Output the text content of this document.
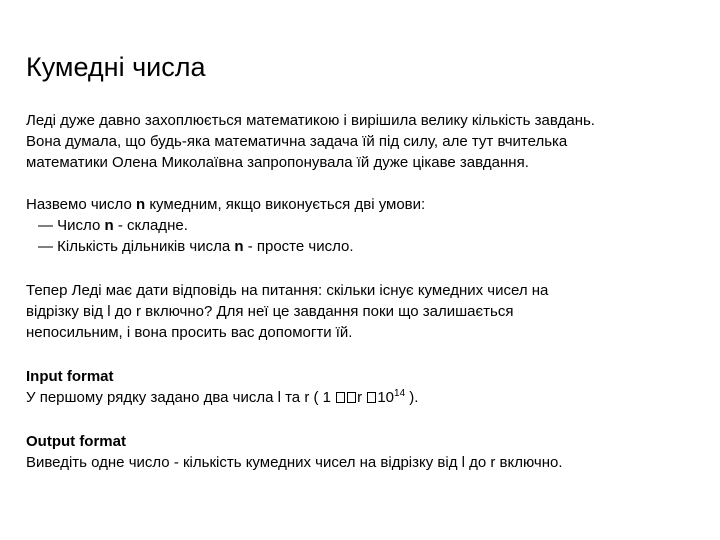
Кумедні числа
Леді дуже давно захоплюється математикою і вирішила велику кількість завдань.
Вона думала, що будь-яка математична задача їй під силу, але тут вчителька
математики Олена Миколаївна запропонувала їй дуже цікаве завдання.
Назвемо число n кумедним, якщо виконується дві умови:
— Число n - складне.
— Кількість дільників числа n - просте число.
Тепер Леді має дати відповідь на питання: скільки існує кумедних чисел на
відрізку від l до r включно? Для неї це завдання поки що залишається
непосильним, і вона просить вас допомогти їй.
Input format
У першому рядку задано два числа l та r ( 1 r $10^{14}$ ).
Output format
Виведіть одне число - кількість кумедних чисел на відрізку від l до r включно.
